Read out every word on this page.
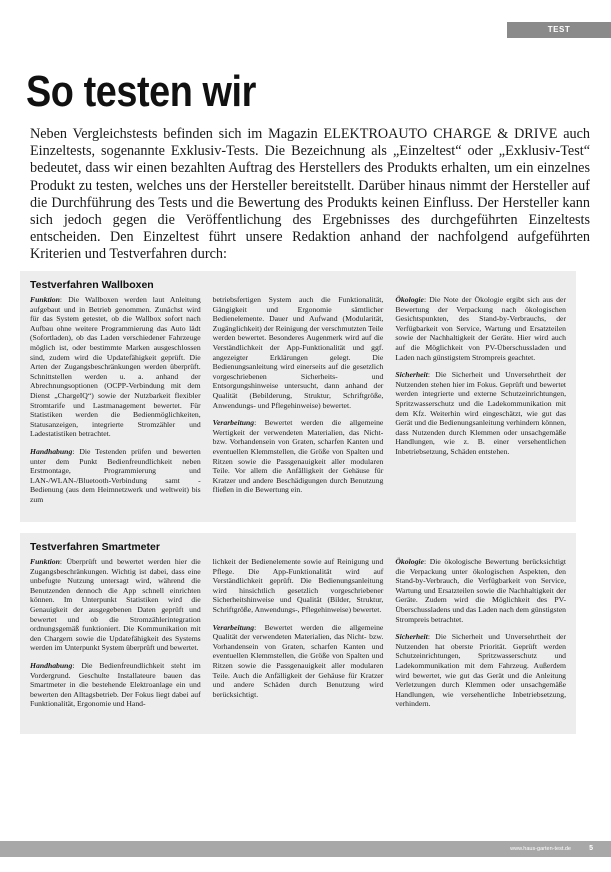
TEST
So testen wir

Neben Vergleichstests befinden sich im Magazin ELEKTROAUTO CHARGE & DRIVE auch Einzeltests, sogenannte Exklusiv-Tests. Die Bezeichnung als „Einzeltest“ oder „Exklusiv-Test“ bedeutet, dass wir einen bezahlten Auftrag des Herstellers des Produkts erhalten, um ein einzelnes Produkt zu testen, welches uns der Hersteller bereitstellt. Darüber hinaus nimmt der Hersteller auf die Durchführung des Tests und die Bewertung des Produkts keinen Einfluss. Der Hersteller kann sich jedoch gegen die Veröffentlichung des Ergebnisses des durchgeführten Einzeltests entscheiden. Den Einzeltest führt unsere Redaktion anhand der nachfolgend aufgeführten Kriterien und Testverfahren durch:

Testverfahren Wallboxen

Funktion: Die Wallboxen werden laut Anleitung aufgebaut und in Betrieb genommen. Zunächst wird für das System getestet, ob die Wallbox sofort nach Aufbau ohne weitere Programmierung das Auto lädt (Sofortladen), ob das Laden verschiedener Fahrzeuge möglich ist, oder bestimmte Marken ausgeschlossen sind, zudem wird die Updatefähigkeit geprüft. Die Arten der Zugangsbeschränkungen werden überprüft. Schnittstellen werden u. a. anhand der Abrechnungsoptionen (OCPP-Verbindung mit dem Dienst „ChargeIQ“) sowie der Nutzbarkeit flexibler Stromtarife und Lastmanagement bewertet. Für Statistiken werden die Bedienmöglichkeiten, Statusanzeigen, integrierte Stromzähler und Ladestatistiken betrachtet.

Handhabung: Die Testenden prüfen und bewerten unter dem Punkt Bedienfreundlichkeit neben Erstmontage, Programmierung und LAN-/WLAN-/Bluetooth-Verbindung samt -Bedienung (aus dem Heimnetzwerk und weltweit) bis zum

betriebsfertigen System auch die Funktionalität, Gängigkeit und Ergonomie sämtlicher Bedienelemente. Dauer und Aufwand (Modularität, Zugänglichkeit) der Reinigung der verschmutzten Teile werden bewertet. Besonderes Augenmerk wird auf die Verständlichkeit der App-Funktionalität und ggf. angezeigter Erklärungen gelegt. Die Bedienungsanleitung wird einerseits auf die gesetzlich vorgeschriebenen Sicherheits- und Entsorgungshinweise untersucht, dann anhand der Qualität (Bebilderung, Struktur, Schriftgröße, Anwendungs- und Pflegehinweise) bewertet.

Verarbeitung: Bewertet werden die allgemeine Wertigkeit der verwendeten Materialien, das Nicht- bzw. Vorhandensein von Graten, scharfen Kanten und eventuellen Klemmstellen, die Größe von Spalten und Ritzen sowie die Passgenauigkeit aller modularen Teile. Vor allem die Anfälligkeit der Gehäuse für Kratzer und andere Beschädigungen durch Benutzung fließen in die Bewertung ein.

Ökologie: Die Note der Ökologie ergibt sich aus der Bewertung der Verpackung nach ökologischen Gesichtspunkten, des Stand-by-Verbrauchs, der Verfügbarkeit von Service, Wartung und Ersatzteilen sowie der Nachhaltigkeit der Geräte. Hier wird auch auf die Möglichkeit von PV-Überschussladen und Laden nach günstigstem Strompreis geachtet.

Sicherheit: Die Sicherheit und Unversehrtheit der Nutzenden stehen hier im Fokus. Geprüft und bewertet werden integrierte und externe Schutzeinrichtungen, Spritzwasserschutz und die Ladekommunikation mit dem Kfz. Weiterhin wird eingeschätzt, wie gut das Gerät und die Bedienungsanleitung verhindern können, dass Nutzenden durch Klemmen oder unsachgemäße Handlungen, wie z. B. einer versehentlichen Inbetriebsetzung, Schäden entstehen.

Testverfahren Smartmeter

Funktion: Überprüft und bewertet werden hier die Zugangsbeschränkungen. Wichtig ist dabei, dass eine unbefugte Nutzung untersagt wird, während die Benutzenden dennoch die App schnell einrichten können. Im Unterpunkt Statistiken wird die Genauigkeit der ausgegebenen Daten geprüft und bewertet und ob die Stromzählerintegration ordnungsgemäß funktioniert. Die Kommunikation mit den Chargern sowie die Updatefähigkeit des Systems werden im Unterpunkt System überprüft und bewertet.

Handhabung: Die Bedienfreundlichkeit steht im Vordergrund. Geschulte Installateure bauen das Smartmeter in die bestehende Elektroanlage ein und bewerten den Alltagsbetrieb. Der Fokus liegt dabei auf Funktionalität, Ergonomie und Hand-

lichkeit der Bedienelemente sowie auf Reinigung und Pflege. Die App-Funktionalität wird auf Verständlichkeit geprüft. Die Bedienungsanleitung wird hinsichtlich gesetzlich vorgeschriebener Sicherheitshinweise und Qualität (Bilder, Struktur, Schriftgröße, Anwendungs-, Pflegehinweise) bewertet.

Verarbeitung: Bewertet werden die allgemeine Qualität der verwendeten Materialien, das Nicht- bzw. Vorhandensein von Graten, scharfen Kanten und eventuellen Klemmstellen, die Größe von Spalten und Ritzen sowie die Passgenauigkeit aller modularen Teile. Auch die Anfälligkeit der Gehäuse für Kratzer und andere Schäden durch Benutzung wird berücksichtigt.

Ökologie: Die ökologische Bewertung berücksichtigt die Verpackung unter ökologischen Aspekten, den Stand-by-Verbrauch, die Verfügbarkeit von Service, Wartung und Ersatzteilen sowie die Nachhaltigkeit der Geräte. Zudem wird die Möglichkeit des PV-Überschussladens und das Laden nach dem günstigsten Strompreis betrachtet.

Sicherheit: Die Sicherheit und Unversehrtheit der Nutzenden hat oberste Priorität. Geprüft werden Schutzeinrichtungen, Spritzwasserschutz und Ladekommunikation mit dem Fahrzeug. Außerdem wird bewertet, wie gut das Gerät und die Anleitung Verletzungen durch Klemmen oder unsachgemäße Handlungen, wie versehentliche Inbetriebsetzung, verhindern.

www.haus-garten-test.de	5
